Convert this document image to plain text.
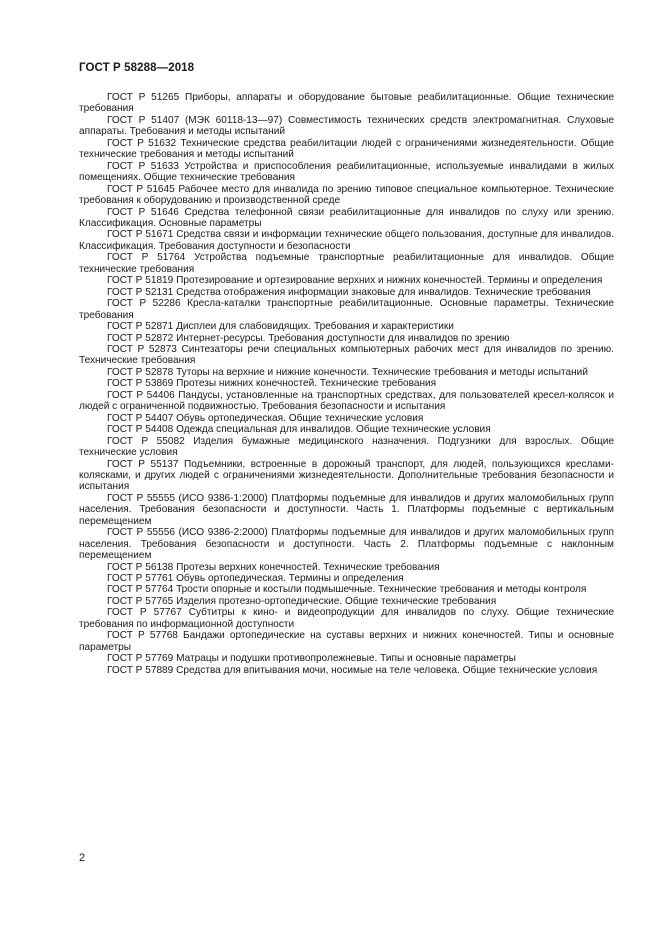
ГОСТ Р 58288—2018

ГОСТ Р 51265 Приборы, аппараты и оборудование бытовые реабилитационные. Общие технические требования

ГОСТ Р 51407 (МЭК 60118-13—97) Совместимость технических средств электромагнитная. Слуховые аппараты. Требования и методы испытаний

ГОСТ Р 51632 Технические средства реабилитации людей с ограничениями жизнедеятельности. Общие технические требования и методы испытаний

ГОСТ Р 51633 Устройства и приспособления реабилитационные, используемые инвалидами в жилых помещениях. Общие технические требования

ГОСТ Р 51645 Рабочее место для инвалида по зрению типовое специальное компьютерное. Технические требования к оборудованию и производственной среде

ГОСТ Р 51646 Средства телефонной связи реабилитационные для инвалидов по слуху или зрению. Классификация. Основные параметры

ГОСТ Р 51671 Средства связи и информации технические общего пользования, доступные для инвалидов. Классификация. Требования доступности и безопасности

ГОСТ Р 51764 Устройства подъемные транспортные реабилитационные для инвалидов. Общие технические требования

ГОСТ Р 51819 Протезирование и ортезирование верхних и нижних конечностей. Термины и определения

ГОСТ Р 52131 Средства отображения информации знаковые для инвалидов. Технические требования

ГОСТ Р 52286 Кресла-каталки транспортные реабилитационные. Основные параметры. Технические требования

ГОСТ Р 52871 Дисплеи для слабовидящих. Требования и характеристики

ГОСТ Р 52872 Интернет-ресурсы. Требования доступности для инвалидов по зрению

ГОСТ Р 52873 Синтезаторы речи специальных компьютерных рабочих мест для инвалидов по зрению. Технические требования

ГОСТ Р 52878 Туторы на верхние и нижние конечности. Технические требования и методы испытаний

ГОСТ Р 53869 Протезы нижних конечностей. Технические требования

ГОСТ Р 54406 Пандусы, установленные на транспортных средствах, для пользователей кресел-колясок и людей с ограниченной подвижностью. Требования безопасности и испытания

ГОСТ Р 54407 Обувь ортопедическая. Общие технические условия

ГОСТ Р 54408 Одежда специальная для инвалидов. Общие технические условия

ГОСТ Р 55082 Изделия бумажные медицинского назначения. Подгузники для взрослых. Общие технические условия

ГОСТ Р 55137 Подъемники, встроенные в дорожный транспорт, для людей, пользующихся креслами-колясками, и других людей с ограничениями жизнедеятельности. Дополнительные требования безопасности и испытания

ГОСТ Р 55555 (ИСО 9386-1:2000) Платформы подъемные для инвалидов и других маломобильных групп населения. Требования безопасности и доступности. Часть 1. Платформы подъемные с вертикальным перемещением

ГОСТ Р 55556 (ИСО 9386-2:2000) Платформы подъемные для инвалидов и других маломобильных групп населения. Требования безопасности и доступности. Часть 2. Платформы подъемные с наклонным перемещением

ГОСТ Р 56138 Протезы верхних конечностей. Технические требования

ГОСТ Р 57761 Обувь ортопедическая. Термины и определения

ГОСТ Р 57764 Трости опорные и костыли подмышечные. Технические требования и методы контроля

ГОСТ Р 57765 Изделия протезно-ортопедические. Общие технические требования

ГОСТ Р 57767 Субтитры к кино- и видеопродукции для инвалидов по слуху. Общие технические требования по информационной доступности

ГОСТ Р 57768 Бандажи ортопедические на суставы верхних и нижних конечностей. Типы и основные параметры

ГОСТ Р 57769 Матрацы и подушки противопролежневые. Типы и основные параметры

ГОСТ Р 57889 Средства для впитывания мочи, носимые на теле человека. Общие технические условия

2
